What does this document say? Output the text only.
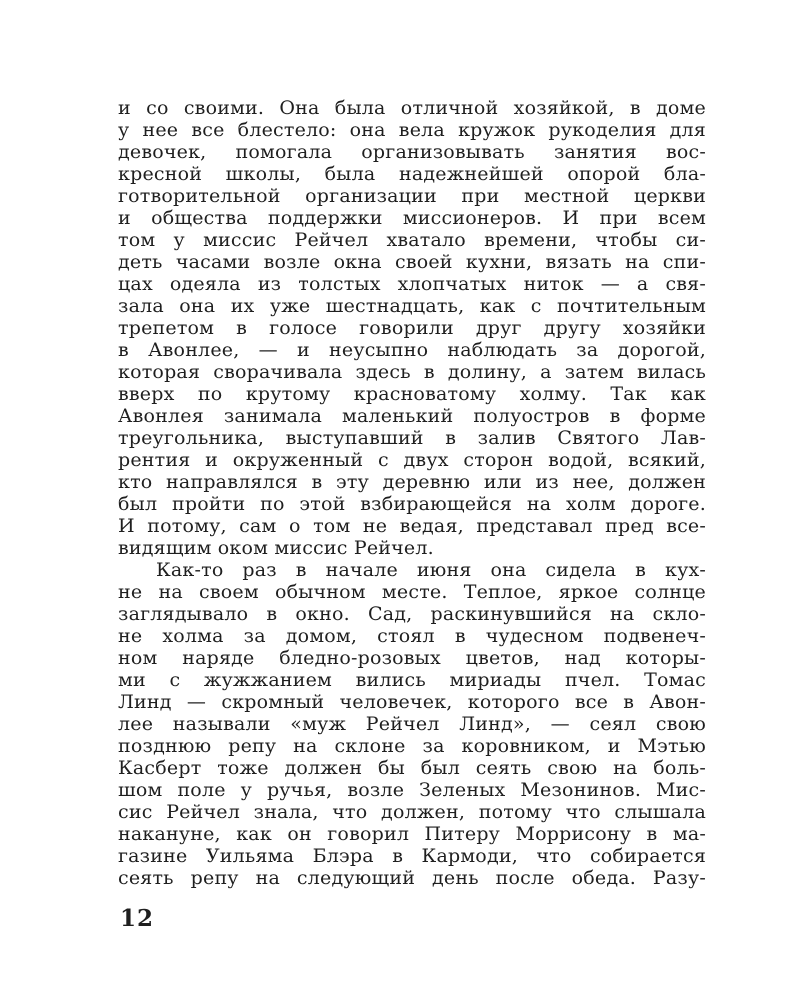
и со своими. Она была отличной хозяйкой, в доме
у нее все блестело: она вела кружок рукоделия для
девочек, помогала организовывать занятия вос-
кресной школы, была надежнейшей опорой бла-
готворительной организации при местной церкви
и общества поддержки миссионеров. И при всем
том у миссис Рейчел хватало времени, чтобы си-
деть часами возле окна своей кухни, вязать на спи-
цах одеяла из толстых хлопчатых ниток — а свя-
зала она их уже шестнадцать, как с почтительным
трепетом в голосе говорили друг другу хозяйки
в Авонлее, — и неусыпно наблюдать за дорогой,
которая сворачивала здесь в долину, а затем вилась
вверх по крутому красноватому холму. Так как
Авонлея занимала маленький полуостров в форме
треугольника, выступавший в залив Святого Лав-
рентия и окруженный с двух сторон водой, всякий,
кто направлялся в эту деревню или из нее, должен
был пройти по этой взбирающейся на холм дороге.
И потому, сам о том не ведая, представал пред все-
видящим оком миссис Рейчел.
Как-то раз в начале июня она сидела в кух-
не на своем обычном месте. Теплое, яркое солнце
заглядывало в окно. Сад, раскинувшийся на скло-
не холма за домом, стоял в чудесном подвенеч-
ном наряде бледно-розовых цветов, над которы-
ми с жужжанием вились мириады пчел. Томас
Линд — скромный человечек, которого все в Авон-
лее называли «муж Рейчел Линд», — сеял свою
позднюю репу на склоне за коровником, и Мэтью
Касберт тоже должен бы был сеять свою на боль-
шом поле у ручья, возле Зеленых Мезонинов. Мис-
сис Рейчел знала, что должен, потому что слышала
накануне, как он говорил Питеру Моррисону в ма-
газине Уильяма Блэра в Кармоди, что собирается
сеять репу на следующий день после обеда. Разу-
12
